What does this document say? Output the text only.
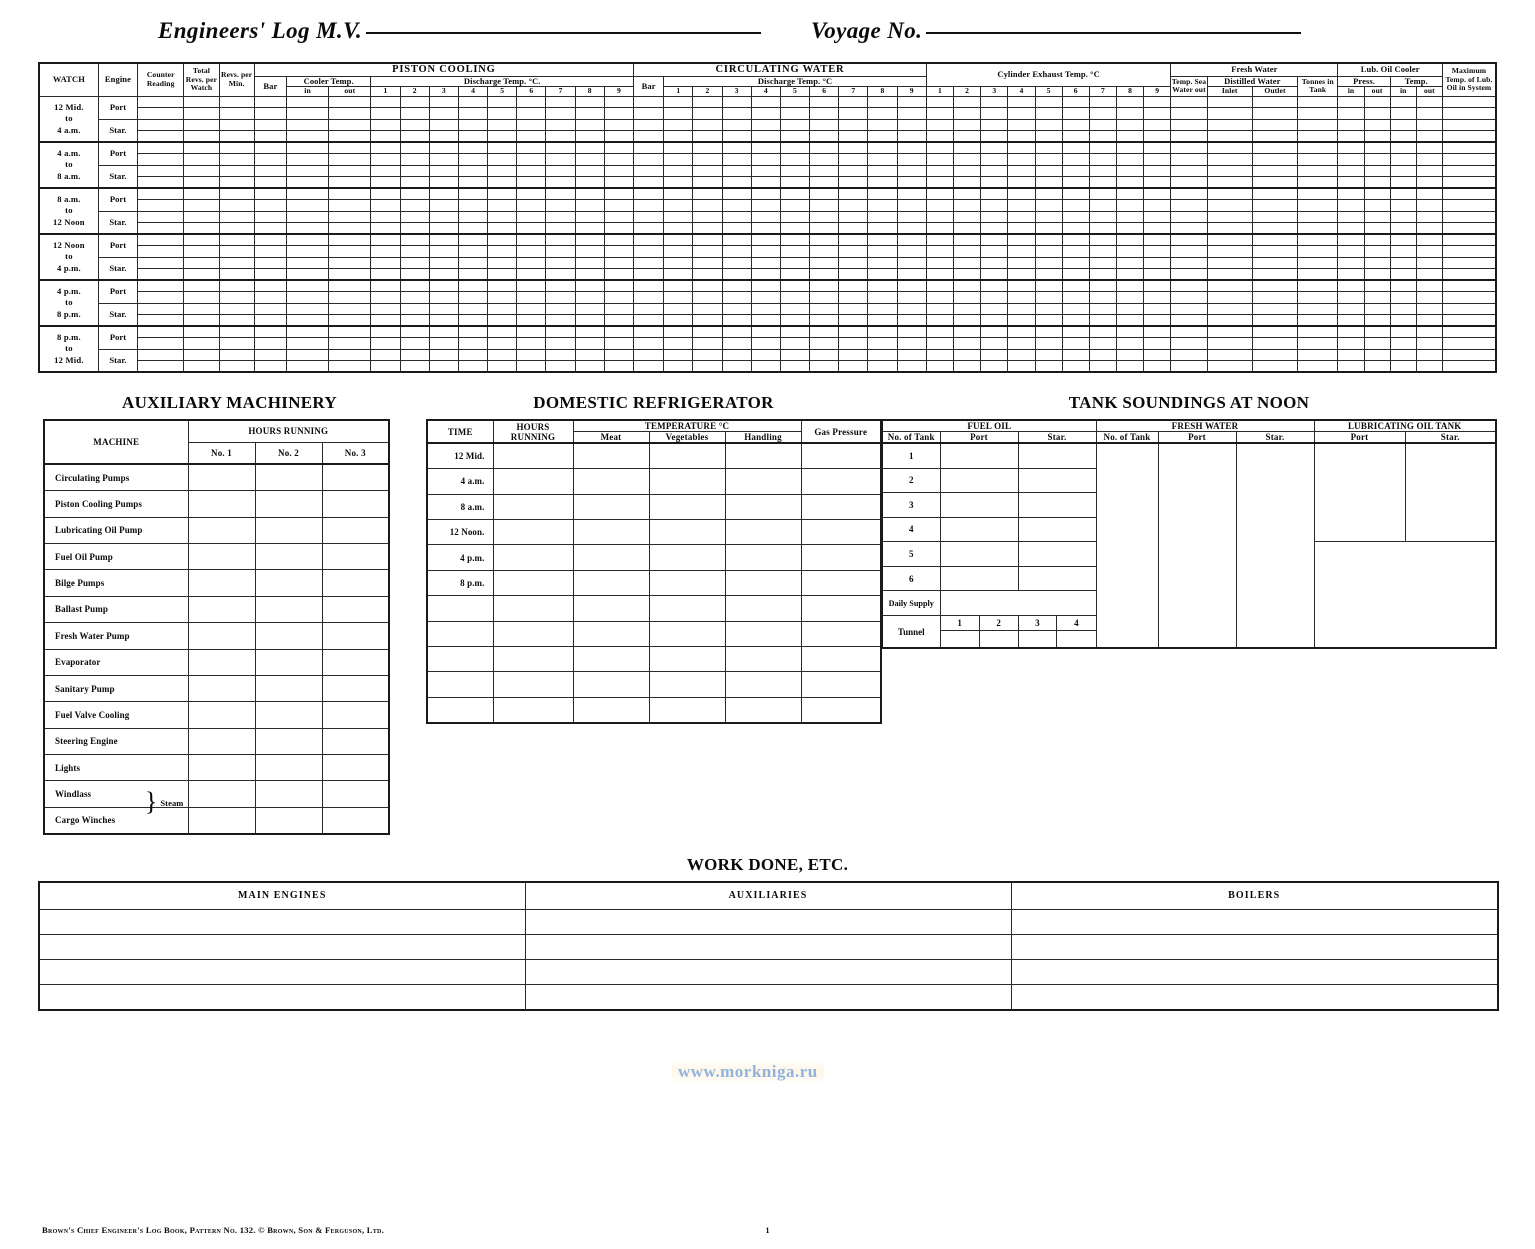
Engineers' Log M.V.	Voyage No.
WATCH	Engine	Counter Reading	Total Revs. per Watch	Revs. per Min.	PISTON COOLING												CIRCULATING WATER										Cylinder Exhaust Temp. °C									Fresh Water				Lub. Oil Cooler				Maximum Temp. of Lub. Oil in System
					Bar	Cooler Temp.		Discharge Temp. °C.									Bar	Discharge Temp. °C																		Temp. Sea Water out	Distilled Water		Tonnes in Tank	Press.		Temp.		
						in	out	1	2	3	4	5	6	7	8	9		1	2	3	4	5	6	7	8	9	1	2	3	4	5	6	7	8	9		Inlet	Outlet		in	out	in	out	
12 Mid.
to
4 a.m.	Port																																											

	Star.																																											

4 a.m.
to
8 a.m.	Port																																											

	Star.																																											

8 a.m.
to
12 Noon	Port																																											

	Star.																																											

12 Noon
to
4 p.m.	Port																																											

	Star.																																											

4 p.m.
to
8 p.m.	Port																																											

	Star.																																											

8 p.m.
to
12 Mid.	Port																																											

	Star.																																											

AUXILIARY MACHINERY
MACHINE	HOURS RUNNING		
	No. 1	No. 2	No. 3
Circulating Pumps			
Piston Cooling Pumps			
Lubricating Oil Pump			
Fuel Oil Pump			
Bilge Pumps			
Ballast Pump			
Fresh Water Pump			
Evaporator			
Sanitary Pump			
Fuel Valve Cooling			
Steering Engine			
Lights			
Windlass } Steam			

Cargo Winches			
DOMESTIC REFRIGERATOR
TIME	HOURS RUNNING	TEMPERATURE °C			Gas Pressure
		Meat	Vegetables	Handling	
12 Mid.					
4 a.m.					
8 a.m.					
12 Noon.					
4 p.m.					
8 p.m.					

TANK SOUNDINGS AT NOON
FUEL OIL	FRESH WATER	LUBRICATING OIL TANK
No. of Tank	Port	Star.	No. of Tank	Port	Star.	Port	Star.
1							
2		
3		
4		
5		
6		
Daily Supply	
Tunnel	
1	2	3	4

WORK DONE, ETC.
MAIN ENGINES	AUXILIARIES	BOILERS

www.morkniga.ru
Brown's Chief Engineer's Log Book, Pattern No. 132. © Brown, Son & Ferguson, Ltd.	1
